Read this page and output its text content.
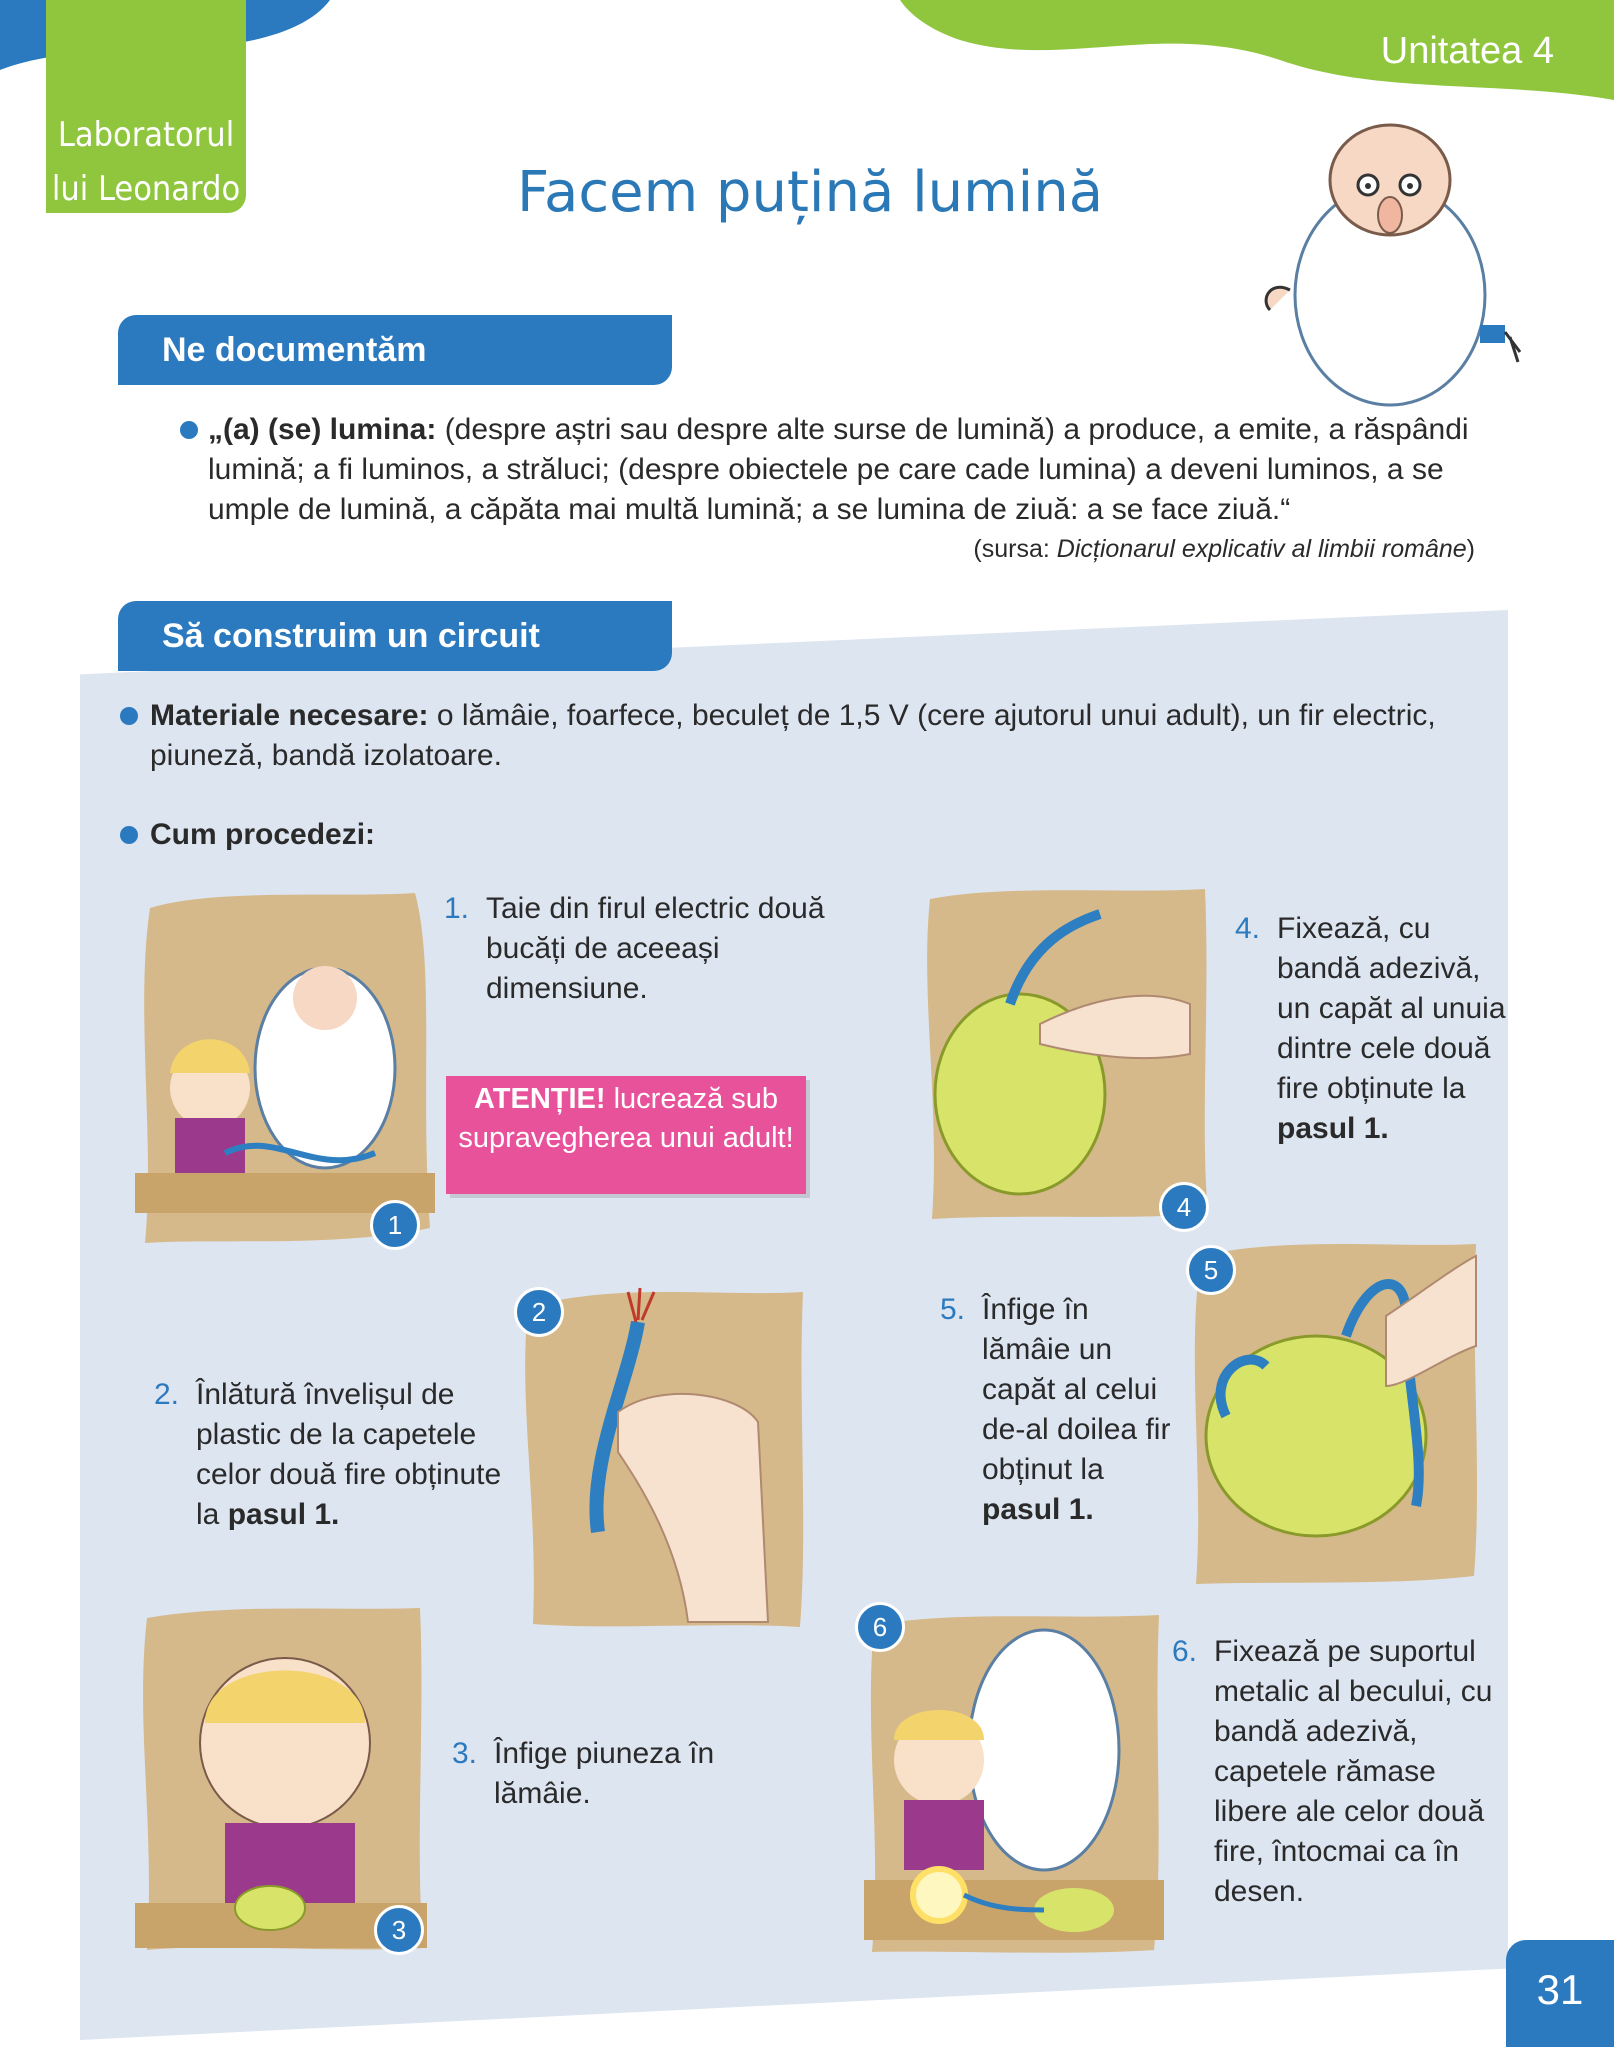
Laboratorul
lui Leonardo
Unitatea 4
Facem puțină lumină
Ne documentăm
„(a) (se) lumina: (despre aștri sau despre alte surse de lumină) a produce, a emite, a răspândi lumină; a fi luminos, a străluci; (despre obiectele pe care cade lumina) a deveni luminos, a se umple de lumină, a căpăta mai multă lumină; a se lumina de ziuă: a se face ziuă.“
(sursa: Dicționarul explicativ al limbii române)
Să construim un circuit
Materiale necesare: o lămâie, foarfece, beculeț de 1,5 V (cere ajutorul unui adult), un fir electric, piuneză, bandă izolatoare.
Cum procedezi:
1
2
3
4
5
6
1. Taie din firul electric două bucăți de aceeași dimensiune.
ATENȚIE! lucrează sub supravegherea unui adult!
2. Înlătură învelișul de plastic de la capetele celor două fire obținute la pasul 1.
3. Înfige piuneza în lămâie.
4. Fixează, cu bandă adezivă, un capăt al unuia dintre cele două fire obținute la pasul 1.
5. Înfige în lămâie un capăt al celui de-al doilea fir obținut la pasul 1.
6. Fixează pe suportul metalic al becului, cu bandă adezivă, capetele rămase libere ale celor două fire, întocmai ca în desen.
31
